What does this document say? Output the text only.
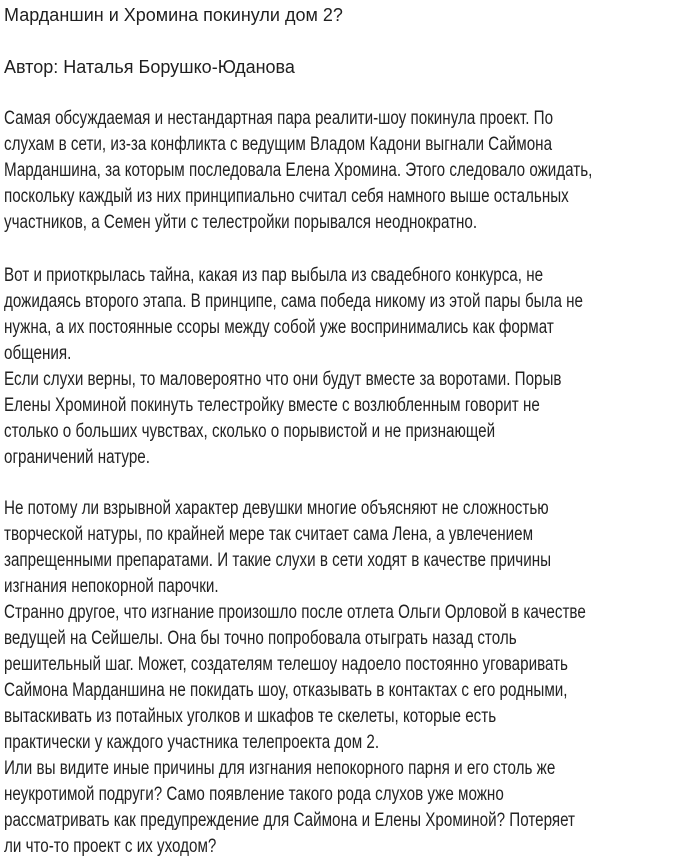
Марданшин и Хромина покинули дом 2?
Автор: Наталья Борушко-Юданова
Самая обсуждаемая и нестандартная пара реалити-шоу покинула проект. По
слухам в сети, из-за конфликта с ведущим Владом Кадони выгнали Саймона
Марданшина, за которым последовала Елена Хромина. Этого следовало ожидать,
поскольку каждый из них принципиально считал себя намного выше остальных
участников, а Семен уйти с телестройки порывался неоднократно.
Вот и приоткрылась тайна, какая из пар выбыла из свадебного конкурса, не
дожидаясь второго этапа. В принципе, сама победа никому из этой пары была не
нужна, а их постоянные ссоры между собой уже воспринимались как формат
общения.
Если слухи верны, то маловероятно что они будут вместе за воротами. Порыв
Елены Хроминой покинуть телестройку вместе с возлюбленным говорит не
столько о больших чувствах, сколько о порывистой и не признающей
ограничений натуре.
Не потому ли взрывной характер девушки многие объясняют не сложностью
творческой натуры, по крайней мере так считает сама Лена, а увлечением
запрещенными препаратами. И такие слухи в сети ходят в качестве причины
изгнания непокорной парочки.
Странно другое, что изгнание произошло после отлета Ольги Орловой в качестве
ведущей на Сейшелы. Она бы точно попробовала отыграть назад столь
решительный шаг. Может, создателям телешоу надоело постоянно уговаривать
Саймона Марданшина не покидать шоу, отказывать в контактах с его родными,
вытаскивать из потайных уголков и шкафов те скелеты, которые есть
практически у каждого участника телепроекта дом 2.
Или вы видите иные причины для изгнания непокорного парня и его столь же
неукротимой подруги? Само появление такого рода слухов уже можно
рассматривать как предупреждение для Саймона и Елены Хроминой? Потеряет
ли что-то проект с их уходом?
